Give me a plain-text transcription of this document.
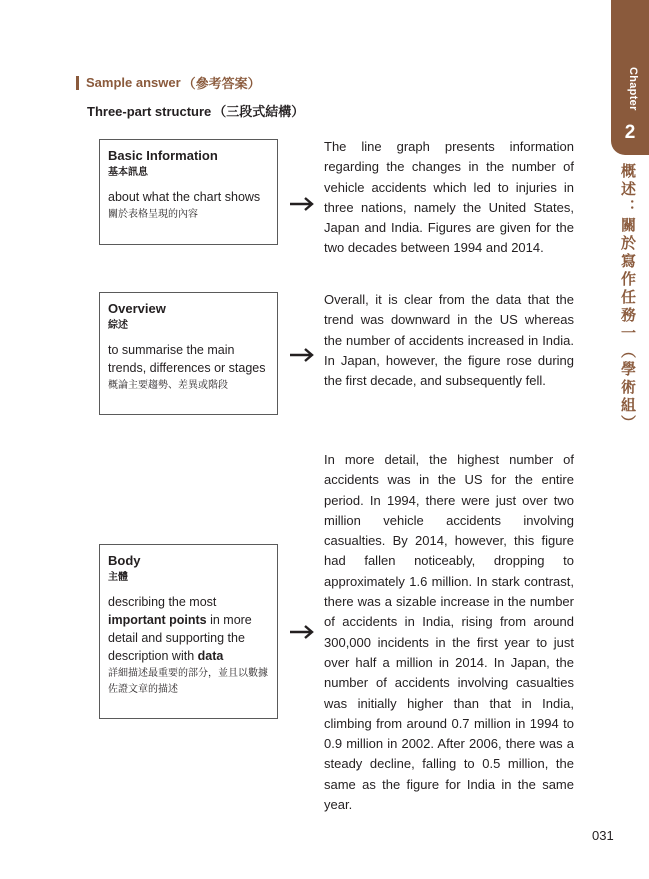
Chapter
2
概述：關於寫作任務一（學術組）
Sample answer （參考答案）
Three-part structure （三段式結構）
Basic Information
基本訊息
about what the chart shows
關於表格呈現的內容
Overview
綜述
to summarise the main trends, differences or stages
概論主要趨勢、差異或階段
Body
主體
describing the most important points in more detail and supporting the description with data
詳細描述最重要的部分，並且以數據佐證文章的描述
The line graph presents information regarding the changes in the number of vehicle accidents which led to injuries in three nations, namely the United States, Japan and India. Figures are given for the two decades between 1994 and 2014.
Overall, it is clear from the data that the trend was downward in the US whereas the number of accidents increased in India. In Japan, however, the figure rose during the first decade, and subsequently fell.
In more detail, the highest number of accidents was in the US for the entire period. In 1994, there were just over two million vehicle accidents involving casualties. By 2014, however, this figure had fallen noticeably, dropping to approximately 1.6 million. In stark contrast, there was a sizable increase in the number of accidents in India, rising from around 300,000 incidents in the first year to just over half a million in 2014. In Japan, the number of accidents involving casualties was initially higher than that in India, climbing from around 0.7 million in 1994 to 0.9 million in 2002. After 2006, there was a steady decline, falling to 0.5 million, the same as the figure for India in the same year.
031
